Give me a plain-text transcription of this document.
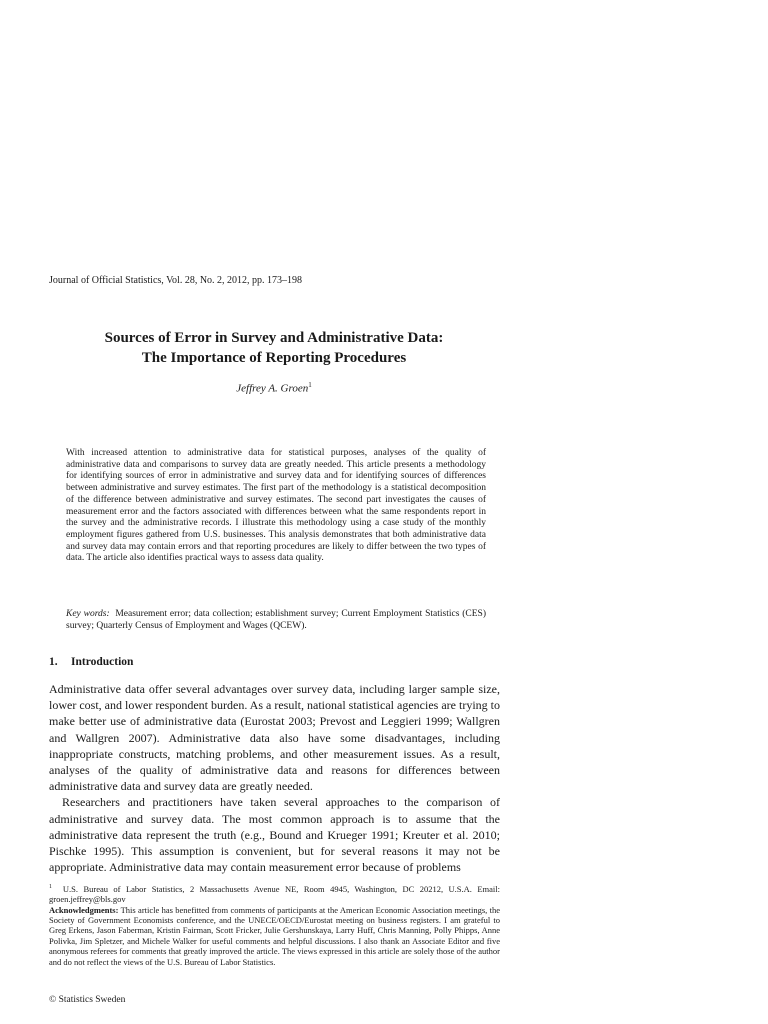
Journal of Official Statistics, Vol. 28, No. 2, 2012, pp. 173–198
Sources of Error in Survey and Administrative Data:
The Importance of Reporting Procedures
Jeffrey A. Groen$^1$

With increased attention to administrative data for statistical purposes, analyses of the quality of administrative data and comparisons to survey data are greatly needed. This article presents a methodology for identifying sources of error in administrative and survey data and for identifying sources of differences between administrative and survey estimates. The first part of the methodology is a statistical decomposition of the difference between administrative and survey estimates. The second part investigates the causes of measurement error and the factors associated with differences between what the same respondents report in the survey and the administrative records. I illustrate this methodology using a case study of the monthly employment figures gathered from U.S. businesses. This analysis demonstrates that both administrative data and survey data may contain errors and that reporting procedures are likely to differ between the two types of data. The article also identifies practical ways to assess data quality.

Key words: Measurement error; data collection; establishment survey; Current Employment Statistics (CES) survey; Quarterly Census of Employment and Wages (QCEW).

1. Introduction

Administrative data offer several advantages over survey data, including larger sample size, lower cost, and lower respondent burden. As a result, national statistical agencies are trying to make better use of administrative data (Eurostat 2003; Prevost and Leggieri 1999; Wallgren and Wallgren 2007). Administrative data also have some disadvantages, including inappropriate constructs, matching problems, and other measurement issues. As a result, analyses of the quality of administrative data and reasons for differences between administrative data and survey data are greatly needed.

Researchers and practitioners have taken several approaches to the comparison of administrative and survey data. The most common approach is to assume that the administrative data represent the truth (e.g., Bound and Krueger 1991; Kreuter et al. 2010; Pischke 1995). This assumption is convenient, but for several reasons it may not be appropriate. Administrative data may contain measurement error because of problems

$^1$ U.S. Bureau of Labor Statistics, 2 Massachusetts Avenue NE, Room 4945, Washington, DC 20212, U.S.A. Email: groen.jeffrey@bls.gov

Acknowledgments: This article has benefitted from comments of participants at the American Economic Association meetings, the Society of Government Economists conference, and the UNECE/OECD/Eurostat meeting on business registers. I am grateful to Greg Erkens, Jason Faberman, Kristin Fairman, Scott Fricker, Julie Gershunskaya, Larry Huff, Chris Manning, Polly Phipps, Anne Polivka, Jim Spletzer, and Michele Walker for useful comments and helpful discussions. I also thank an Associate Editor and five anonymous referees for comments that greatly improved the article. The views expressed in this article are solely those of the author and do not reflect the views of the U.S. Bureau of Labor Statistics.

© Statistics Sweden
